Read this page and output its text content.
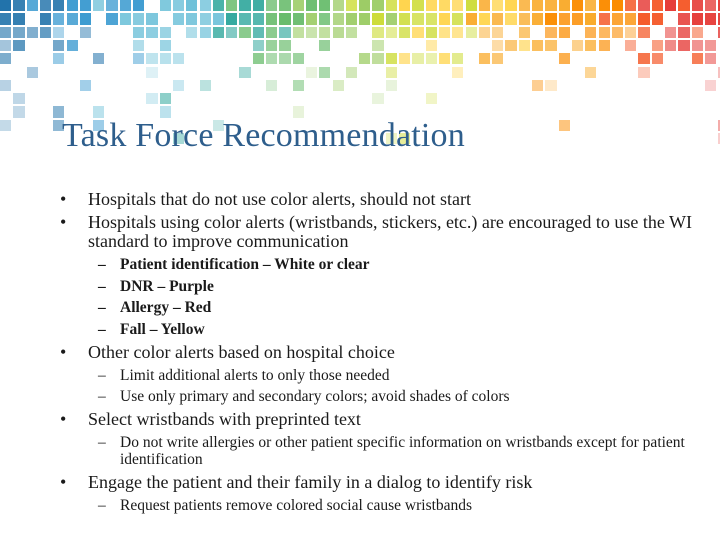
Task Force Recommendation
• Hospitals that do not use color alerts, should not start
• Hospitals using color alerts (wristbands, stickers, etc.) are encouraged to use the WI standard to improve communication
– Patient identification – White or clear
– DNR – Purple
– Allergy – Red
– Fall – Yellow
• Other color alerts based on hospital choice
– Limit additional alerts to only those needed
– Use only primary and secondary colors; avoid shades of colors
• Select wristbands with preprinted text
– Do not write allergies or other patient specific information on wristbands except for patient identification
• Engage the patient and their family in a dialog to identify risk
– Request patients remove colored social cause wristbands
